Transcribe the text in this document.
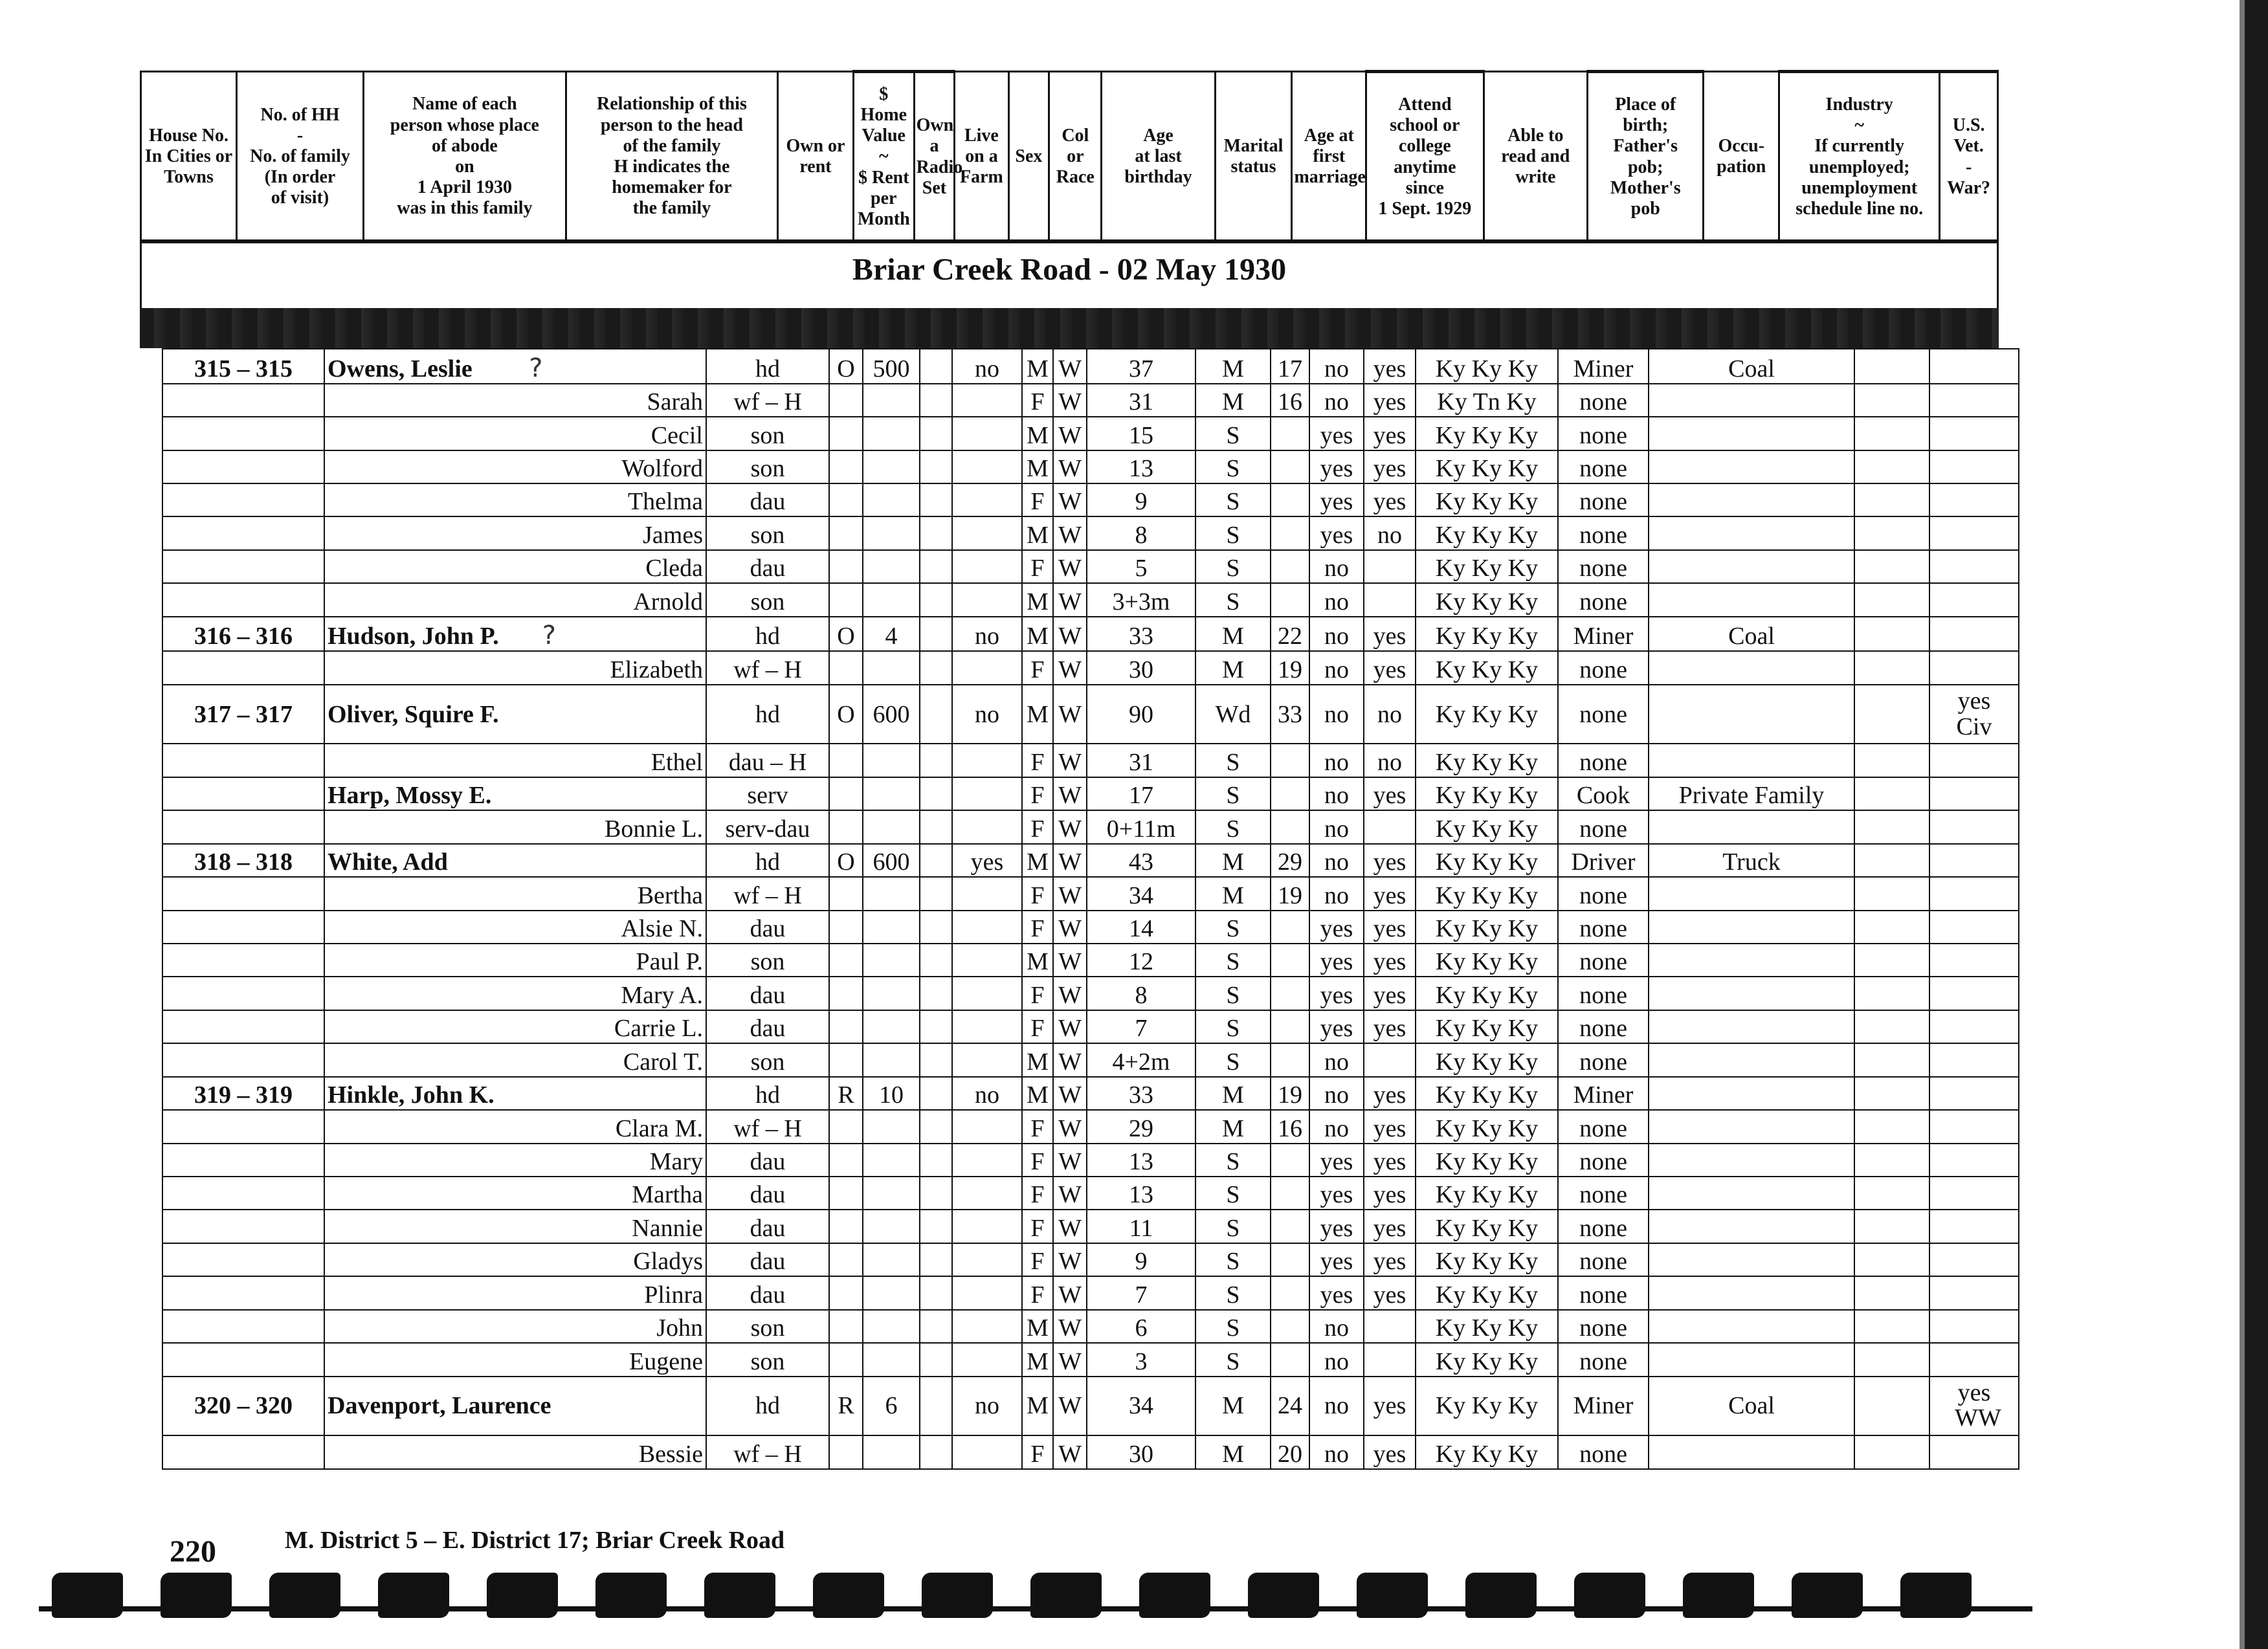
House No. In Cities or Towns	No. of HH
-
No. of family
(In order
of visit)	Name of each
person whose place
of abode
on
1 April 1930
was in this family	Relationship of this
person to the head
of the family
H indicates the
homemaker for
the family	Own or rent	$ Home
Value
~
$ Rent
per
Month	Own
a
Radio
Set	Live
on a
Farm	Sex	Col
or
Race	Age
at last
birthday	Marital
status	Age at
first
marriage	Attend
school or
college
anytime
since
1 Sept. 1929	Able to
read and
write	Place of
birth;
Father's
pob;
Mother's
pob	Occu-
pation	Industry
~
If currently
unemployed;
unemployment
schedule line no.	U.S.
Vet.
-
War?
Briar Creek Road - 02 May 1930
315 – 315	Owens, Leslie ?	hd	O	500		no	M	W	37	M	17	no	yes	Ky Ky Ky	Miner	Coal		

	Sarah	wf – H					F	W	31	M	16	no	yes	Ky Tn Ky	none			

	Cecil	son					M	W	15	S		yes	yes	Ky Ky Ky	none			

	Wolford	son					M	W	13	S		yes	yes	Ky Ky Ky	none			

	Thelma	dau					F	W	9	S		yes	yes	Ky Ky Ky	none			

	James	son					M	W	8	S		yes	no	Ky Ky Ky	none			

	Cleda	dau					F	W	5	S		no		Ky Ky Ky	none			

	Arnold	son					M	W	3+3m	S		no		Ky Ky Ky	none			
316 – 316	Hudson, John P. ?	hd	O	4		no	M	W	33	M	22	no	yes	Ky Ky Ky	Miner	Coal		

	Elizabeth	wf – H					F	W	30	M	19	no	yes	Ky Ky Ky	none			
317 – 317	Oliver, Squire F.	hd	O	600		no	M	W	90	Wd	33	no	no	Ky Ky Ky	none			yes Civ

	Ethel	dau – H					F	W	31	S		no	no	Ky Ky Ky	none			

	Harp, Mossy E.	serv					F	W	17	S		no	yes	Ky Ky Ky	Cook	Private Family		

	Bonnie L.	serv-dau					F	W	0+11m	S		no		Ky Ky Ky	none			
318 – 318	White, Add	hd	O	600		yes	M	W	43	M	29	no	yes	Ky Ky Ky	Driver	Truck		

	Bertha	wf – H					F	W	34	M	19	no	yes	Ky Ky Ky	none			

	Alsie N.	dau					F	W	14	S		yes	yes	Ky Ky Ky	none			

	Paul P.	son					M	W	12	S		yes	yes	Ky Ky Ky	none			

	Mary A.	dau					F	W	8	S		yes	yes	Ky Ky Ky	none			

	Carrie L.	dau					F	W	7	S		yes	yes	Ky Ky Ky	none			

	Carol T.	son					M	W	4+2m	S		no		Ky Ky Ky	none			
319 – 319	Hinkle, John K.	hd	R	10		no	M	W	33	M	19	no	yes	Ky Ky Ky	Miner			

	Clara M.	wf – H					F	W	29	M	16	no	yes	Ky Ky Ky	none			

	Mary	dau					F	W	13	S		yes	yes	Ky Ky Ky	none			

	Martha	dau					F	W	13	S		yes	yes	Ky Ky Ky	none			

	Nannie	dau					F	W	11	S		yes	yes	Ky Ky Ky	none			

	Gladys	dau					F	W	9	S		yes	yes	Ky Ky Ky	none			

	Plinra	dau					F	W	7	S		yes	yes	Ky Ky Ky	none			

	John	son					M	W	6	S		no		Ky Ky Ky	none			

	Eugene	son					M	W	3	S		no		Ky Ky Ky	none			
320 – 320	Davenport, Laurence	hd	R	6		no	M	W	34	M	24	no	yes	Ky Ky Ky	Miner	Coal		yes WW

	Bessie	wf – H					F	W	30	M	20	no	yes	Ky Ky Ky	none			
220	M. District 5 – E. District 17; Briar Creek Road
